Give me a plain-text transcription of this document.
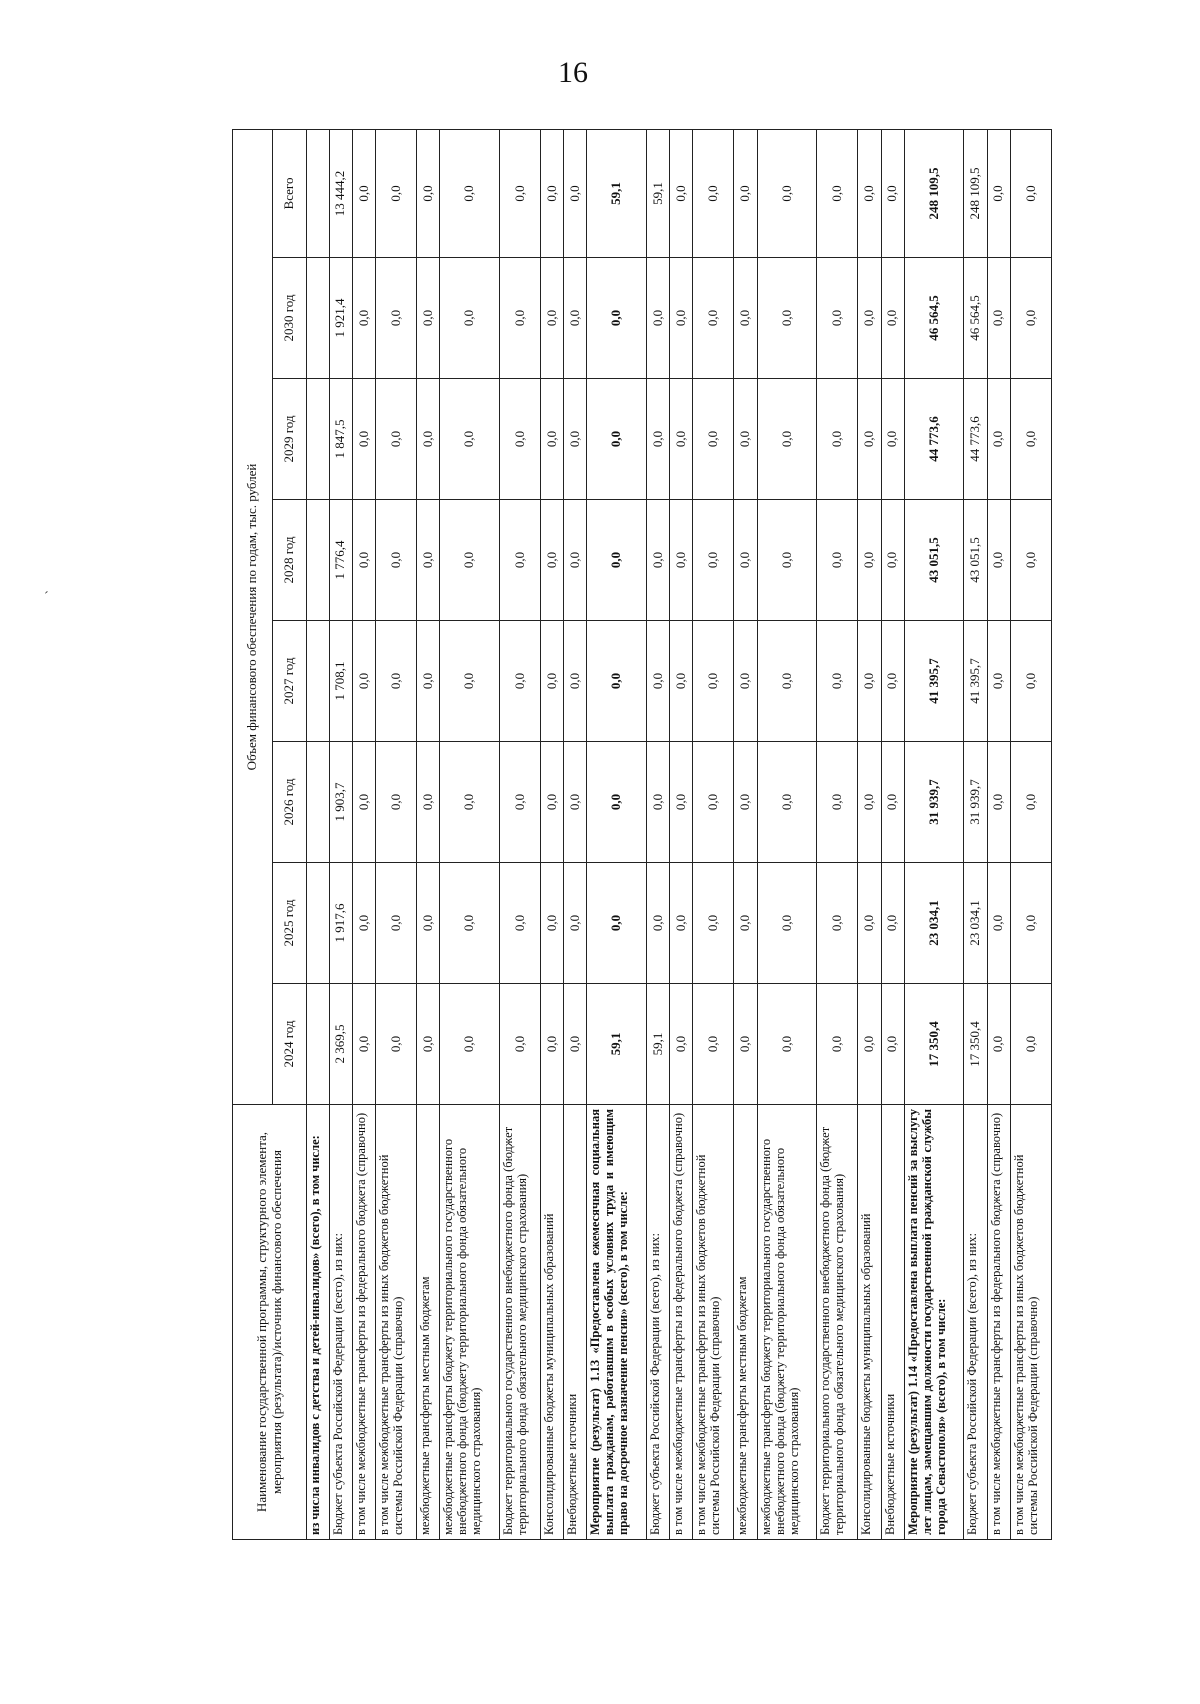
16
´
Наименование государственной программы, структурного элемента, мероприятия (результата)/источник финансового обеспечения	Объем финансового обеспечения по годам, тыс. рублей							
	2024 год	2025 год	2026 год	2027 год	2028 год	2029 год	2030 год	Всего
из числа инвалидов с детства и детей-инвалидов» (всего), в том числе:								
Бюджет субъекта Российской Федерации (всего), из них:	2 369,5	1 917,6	1 903,7	1 708,1	1 776,4	1 847,5	1 921,4	13 444,2
в том числе межбюджетные трансферты из федерального бюджета (справочно)	0,0	0,0	0,0	0,0	0,0	0,0	0,0	0,0
в том числе межбюджетные трансферты из иных бюджетов бюджетной системы Российской Федерации (справочно)	0,0	0,0	0,0	0,0	0,0	0,0	0,0	0,0
межбюджетные трансферты местным бюджетам	0,0	0,0	0,0	0,0	0,0	0,0	0,0	0,0
межбюджетные трансферты бюджету территориального государственного внебюджетного фонда (бюджету территориального фонда обязательного медицинского страхования)	0,0	0,0	0,0	0,0	0,0	0,0	0,0	0,0
Бюджет территориального государственного внебюджетного фонда (бюджет территориального фонда обязательного медицинского страхования)	0,0	0,0	0,0	0,0	0,0	0,0	0,0	0,0
Консолидированные бюджеты муниципальных образований	0,0	0,0	0,0	0,0	0,0	0,0	0,0	0,0
Внебюджетные источники	0,0	0,0	0,0	0,0	0,0	0,0	0,0	0,0
Мероприятие (результат) 1.13 «Предоставлена ежемесячная социальная выплата гражданам, работавшим в особых условиях труда и имеющим право на досрочное назначение пенсии» (всего), в том числе:	59,1	0,0	0,0	0,0	0,0	0,0	0,0	59,1
Бюджет субъекта Российской Федерации (всего), из них:	59,1	0,0	0,0	0,0	0,0	0,0	0,0	59,1
в том числе межбюджетные трансферты из федерального бюджета (справочно)	0,0	0,0	0,0	0,0	0,0	0,0	0,0	0,0
в том числе межбюджетные трансферты из иных бюджетов бюджетной системы Российской Федерации (справочно)	0,0	0,0	0,0	0,0	0,0	0,0	0,0	0,0
межбюджетные трансферты местным бюджетам	0,0	0,0	0,0	0,0	0,0	0,0	0,0	0,0
межбюджетные трансферты бюджету территориального государственного внебюджетного фонда (бюджету территориального фонда обязательного медицинского страхования)	0,0	0,0	0,0	0,0	0,0	0,0	0,0	0,0
Бюджет территориального государственного внебюджетного фонда (бюджет территориального фонда обязательного медицинского страхования)	0,0	0,0	0,0	0,0	0,0	0,0	0,0	0,0
Консолидированные бюджеты муниципальных образований	0,0	0,0	0,0	0,0	0,0	0,0	0,0	0,0
Внебюджетные источники	0,0	0,0	0,0	0,0	0,0	0,0	0,0	0,0
Мероприятие (результат) 1.14 «Предоставлена выплата пенсий за выслугу лет лицам, замещавшим должности государственной гражданской службы города Севастополя» (всего), в том числе:	17 350,4	23 034,1	31 939,7	41 395,7	43 051,5	44 773,6	46 564,5	248 109,5
Бюджет субъекта Российской Федерации (всего), из них:	17 350,4	23 034,1	31 939,7	41 395,7	43 051,5	44 773,6	46 564,5	248 109,5
в том числе межбюджетные трансферты из федерального бюджета (справочно)	0,0	0,0	0,0	0,0	0,0	0,0	0,0	0,0
в том числе межбюджетные трансферты из иных бюджетов бюджетной системы Российской Федерации (справочно)	0,0	0,0	0,0	0,0	0,0	0,0	0,0	0,0
